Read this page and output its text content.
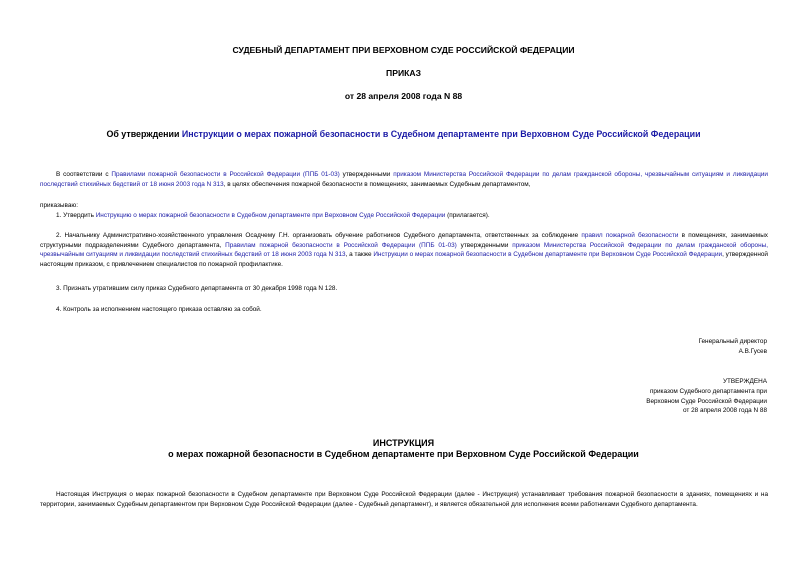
СУДЕБНЫЙ ДЕПАРТАМЕНТ ПРИ ВЕРХОВНОМ СУДЕ РОССИЙСКОЙ ФЕДЕРАЦИИ
ПРИКАЗ
от 28 апреля 2008 года N 88
Об утверждении Инструкции о мерах пожарной безопасности в Судебном департаменте при Верховном Суде Российской Федерации
В соответствии с Правилами пожарной безопасности в Российской Федерации (ППБ 01-03) утвержденными приказом Министерства Российской Федерации по делам гражданской обороны, чрезвычайным ситуациям и ликвидации последствий стихийных бедствий от 18 июня 2003 года N 313, в целях обеспечения пожарной безопасности в помещениях, занимаемых Судебным департаментом,
приказываю:
1. Утвердить Инструкцию о мерах пожарной безопасности в Судебном департаменте при Верховном Суде Российской Федерации (прилагается).
2. Начальнику Административно-хозяйственного управления Осадчему Г.Н. организовать обучение работников Судебного департамента, ответственных за соблюдение правил пожарной безопасности в помещениях, занимаемых структурными подразделениями Судебного департамента, Правилам пожарной безопасности в Российской Федерации (ППБ 01-03) утвержденными приказом Министерства Российской Федерации по делам гражданской обороны, чрезвычайным ситуациям и ликвидации последствий стихийных бедствий от 18 июня 2003 года N 313, а также Инструкции о мерах пожарной безопасности в Судебном департаменте при Верховном Суде Российской Федерации, утвержденной настоящим приказом, с привлечением специалистов по пожарной профилактике.
3. Признать утратившим силу приказ Судебного департамента от 30 декабря 1998 года N 128.
4. Контроль за исполнением настоящего приказа оставляю за собой.
Генеральный директор
А.В.Гусев
УТВЕРЖДЕНА
приказом Судебного департамента при
Верховном Суде Российской Федерации
от 28 апреля 2008 года N 88
ИНСТРУКЦИЯ
о мерах пожарной безопасности в Судебном департаменте при Верховном Суде Российской Федерации
Настоящая Инструкция о мерах пожарной безопасности в Судебном департаменте при Верховном Суде Российской Федерации (далее - Инструкция) устанавливает требования пожарной безопасности в зданиях, помещениях и на территории, занимаемых Судебным департаментом при Верховном Суде Российской Федерации (далее - Судебный департамент), и является обязательной для исполнения всеми работниками Судебного департамента.
